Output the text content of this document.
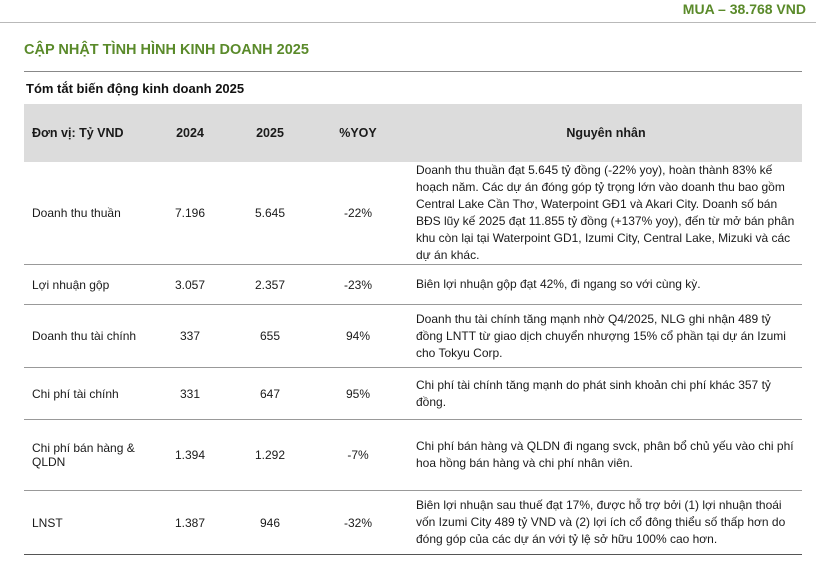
MUA – 38.768 VND
CẬP NHẬT TÌNH HÌNH KINH DOANH 2025
Tóm tắt biến động kinh doanh 2025
Đơn vị: Tỷ VND	2024	2025	%YOY	Nguyên nhân
Doanh thu thuần	7.196	5.645	-22%	Doanh thu thuần đạt 5.645 tỷ đồng (-22% yoy), hoàn thành 83% kế hoạch năm. Các dự án đóng góp tỷ trọng lớn vào doanh thu bao gồm Central Lake Cần Thơ, Waterpoint GĐ1 và Akari City. Doanh số bán BĐS lũy kế 2025 đạt 11.855 tỷ đồng (+137% yoy), đến từ mở bán phân khu còn lại tại Waterpoint GD1, Izumi City, Central Lake, Mizuki và các dự án khác.
Lợi nhuận gộp	3.057	2.357	-23%	Biên lợi nhuận gộp đạt 42%, đi ngang so với cùng kỳ.
Doanh thu tài chính	337	655	94%	Doanh thu tài chính tăng mạnh nhờ Q4/2025, NLG ghi nhận 489 tỷ đồng LNTT từ giao dịch chuyển nhượng 15% cổ phần tại dự án Izumi cho Tokyu Corp.
Chi phí tài chính	331	647	95%	Chi phí tài chính tăng mạnh do phát sinh khoản chi phí khác 357 tỷ đồng.
Chi phí bán hàng & QLDN	1.394	1.292	-7%	Chi phí bán hàng và QLDN đi ngang svck, phân bổ chủ yếu vào chi phí hoa hồng bán hàng và chi phí nhân viên.
LNST	1.387	946	-32%	Biên lợi nhuận sau thuế đạt 17%, được hỗ trợ bởi (1) lợi nhuận thoái vốn Izumi City 489 tỷ VND và (2) lợi ích cổ đông thiểu số thấp hơn do đóng góp của các dự án với tỷ lệ sở hữu 100% cao hơn.
